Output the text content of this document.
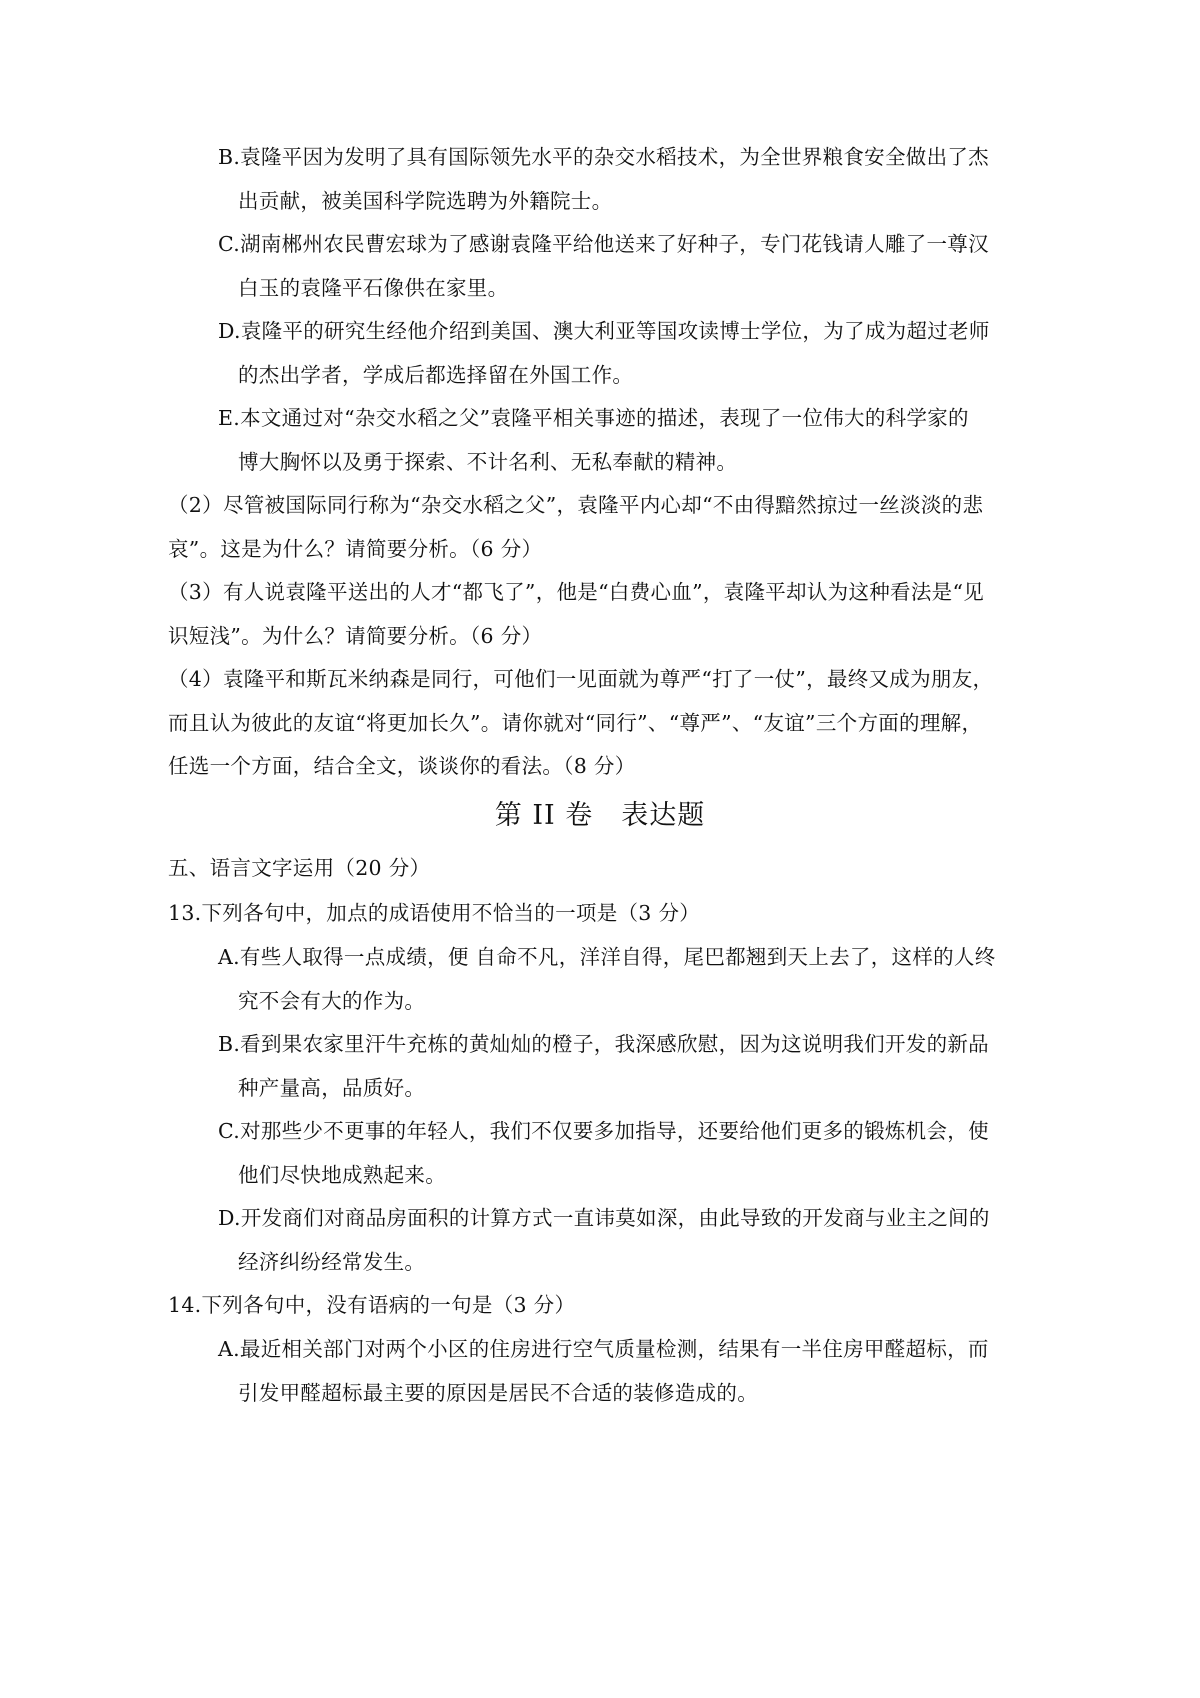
B.袁隆平因为发明了具有国际领先水平的杂交水稻技术，为全世界粮食安全做出了杰
出贡献，被美国科学院选聘为外籍院士。
C.湖南郴州农民曹宏球为了感谢袁隆平给他送来了好种子，专门花钱请人雕了一尊汉
白玉的袁隆平石像供在家里。
D.袁隆平的研究生经他介绍到美国、澳大利亚等国攻读博士学位，为了成为超过老师
的杰出学者，学成后都选择留在外国工作。
E.本文通过对“杂交水稻之父”袁隆平相关事迹的描述，表现了一位伟大的科学家的
博大胸怀以及勇于探索、不计名利、无私奉献的精神。
（2）尽管被国际同行称为“杂交水稻之父”，袁隆平内心却“不由得黯然掠过一丝淡淡的悲
哀”。这是为什么？请简要分析。（6 分）
（3）有人说袁隆平送出的人才“都飞了”，他是“白费心血”，袁隆平却认为这种看法是“见
识短浅”。为什么？请简要分析。（6 分）
（4）袁隆平和斯瓦米纳森是同行，可他们一见面就为尊严“打了一仗”，最终又成为朋友，
而且认为彼此的友谊“将更加长久”。请你就对“同行”、“尊严”、“友谊”三个方面的理解，
任选一个方面，结合全文，谈谈你的看法。（8 分）
第 II 卷　表达题
五、语言文字运用（20 分）
13.下列各句中，加点的成语使用不恰当的一项是（3 分）
A.有些人取得一点成绩，便 自命不凡，洋洋自得，尾巴都翘到天上去了，这样的人终
究不会有大的作为。
B.看到果农家里汗牛充栋的黄灿灿的橙子，我深感欣慰，因为这说明我们开发的新品
种产量高，品质好。
C.对那些少不更事的年轻人，我们不仅要多加指导，还要给他们更多的锻炼机会，使
他们尽快地成熟起来。
D.开发商们对商品房面积的计算方式一直讳莫如深，由此导致的开发商与业主之间的
经济纠纷经常发生。
14.下列各句中，没有语病的一句是（3 分）
A.最近相关部门对两个小区的住房进行空气质量检测，结果有一半住房甲醛超标，而
引发甲醛超标最主要的原因是居民不合适的装修造成的。
